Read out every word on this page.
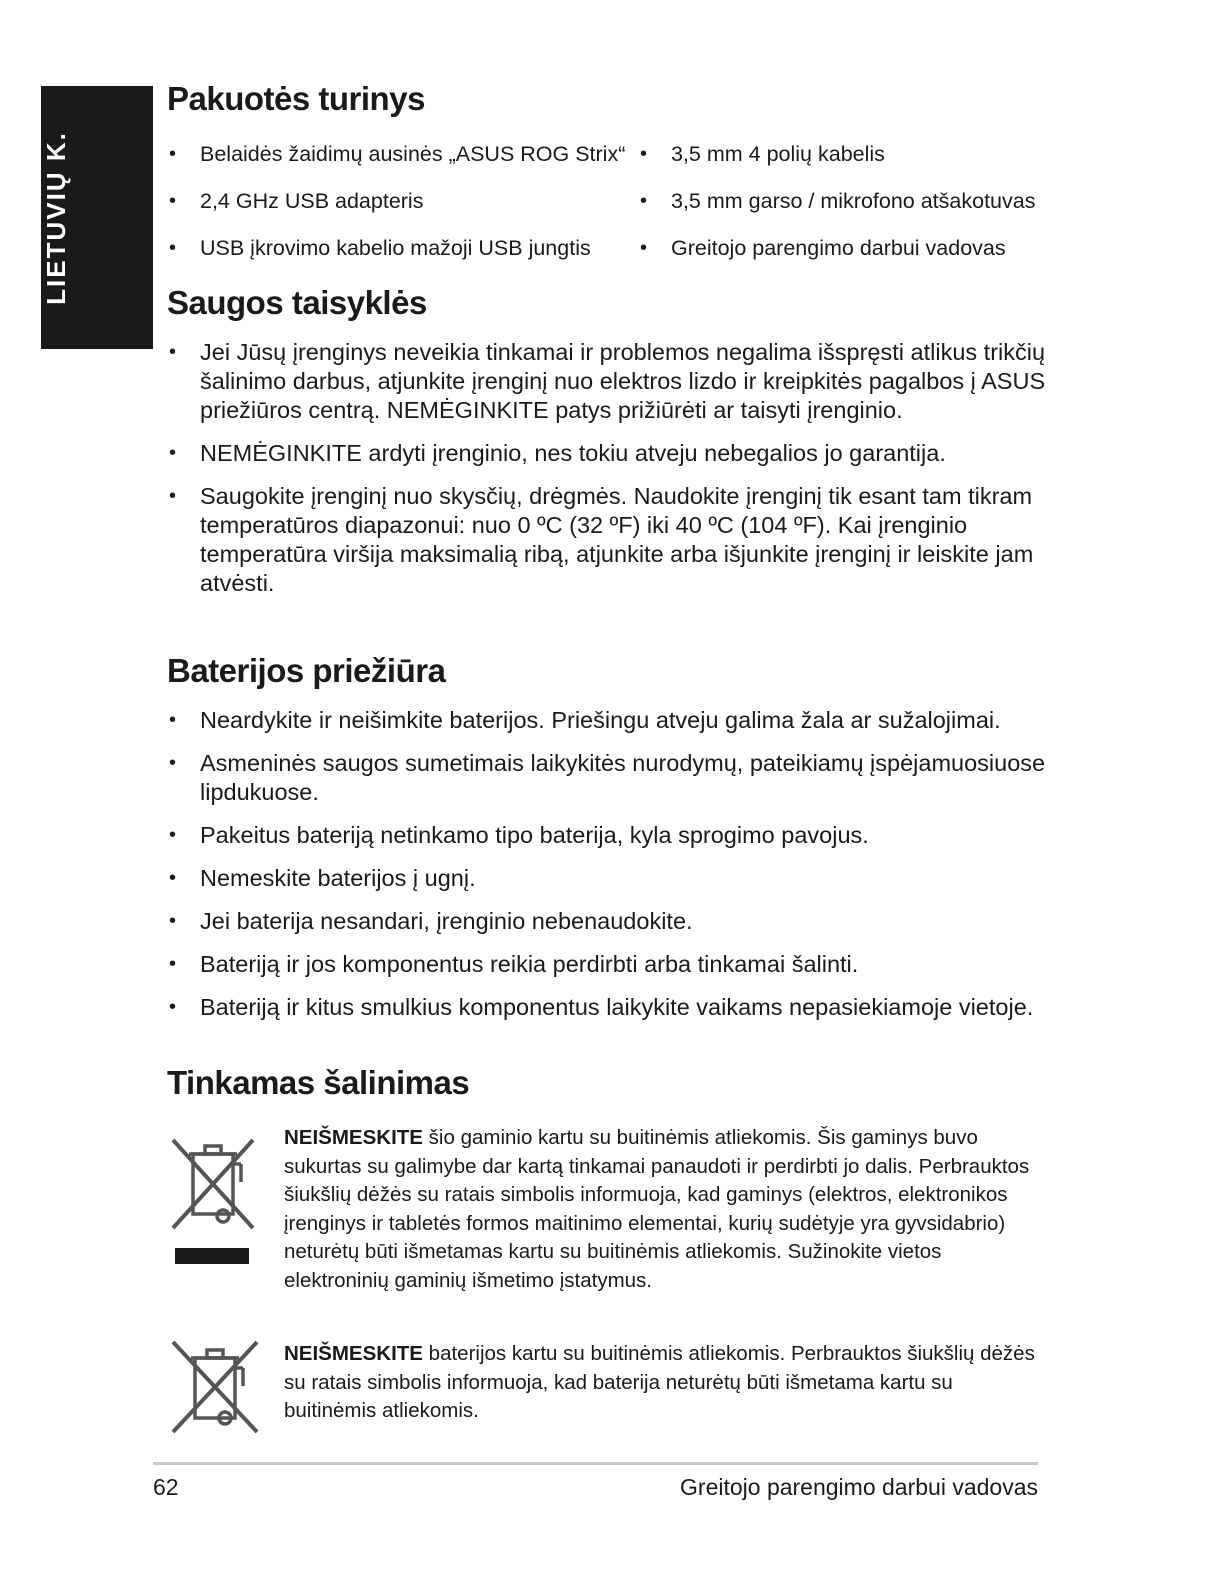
LIETUVIŲ K.
Pakuotės turinys
• Belaidės žaidimų ausinės „ASUS ROG Strix“
• 2,4 GHz USB adapteris
• USB įkrovimo kabelio mažoji USB jungtis
• 3,5 mm 4 polių kabelis
• 3,5 mm garso / mikrofono atšakotuvas
• Greitojo parengimo darbui vadovas
Saugos taisyklės
• Jei Jūsų įrenginys neveikia tinkamai ir problemos negalima išspręsti atlikus trikčių šalinimo darbus, atjunkite įrenginį nuo elektros lizdo ir kreipkitės pagalbos į ASUS priežiūros centrą. NEMĖGINKITE patys prižiūrėti ar taisyti įrenginio.
• NEMĖGINKITE ardyti įrenginio, nes tokiu atveju nebegalios jo garantija.
• Saugokite įrenginį nuo skysčių, drėgmės. Naudokite įrenginį tik esant tam tikram temperatūros diapazonui: nuo 0 ºC (32 ºF) iki 40 ºC (104 ºF). Kai įrenginio temperatūra viršija maksimalią ribą, atjunkite arba išjunkite įrenginį ir leiskite jam atvėsti.
Baterijos priežiūra
• Neardykite ir neišimkite baterijos. Priešingu atveju galima žala ar sužalojimai.
• Asmeninės saugos sumetimais laikykitės nurodymų, pateikiamų įspėjamuosiuose lipdukuose.
• Pakeitus bateriją netinkamo tipo baterija, kyla sprogimo pavojus.
• Nemeskite baterijos į ugnį.
• Jei baterija nesandari, įrenginio nebenaudokite.
• Bateriją ir jos komponentus reikia perdirbti arba tinkamai šalinti.
• Bateriją ir kitus smulkius komponentus laikykite vaikams nepasiekiamoje vietoje.
Tinkamas šalinimas
NEIŠMESKITE šio gaminio kartu su buitinėmis atliekomis. Šis gaminys buvo sukurtas su galimybe dar kartą tinkamai panaudoti ir perdirbti jo dalis. Perbrauktos šiukšlių dėžės su ratais simbolis informuoja, kad gaminys (elektros, elektronikos įrenginys ir tabletės formos maitinimo elementai, kurių sudėtyje yra gyvsidabrio) neturėtų būti išmetamas kartu su buitinėmis atliekomis. Sužinokite vietos elektroninių gaminių išmetimo įstatymus.
NEIŠMESKITE baterijos kartu su buitinėmis atliekomis. Perbrauktos šiukšlių dėžės su ratais simbolis informuoja, kad baterija neturėtų būti išmetama kartu su buitinėmis atliekomis.
62	Greitojo parengimo darbui vadovas
